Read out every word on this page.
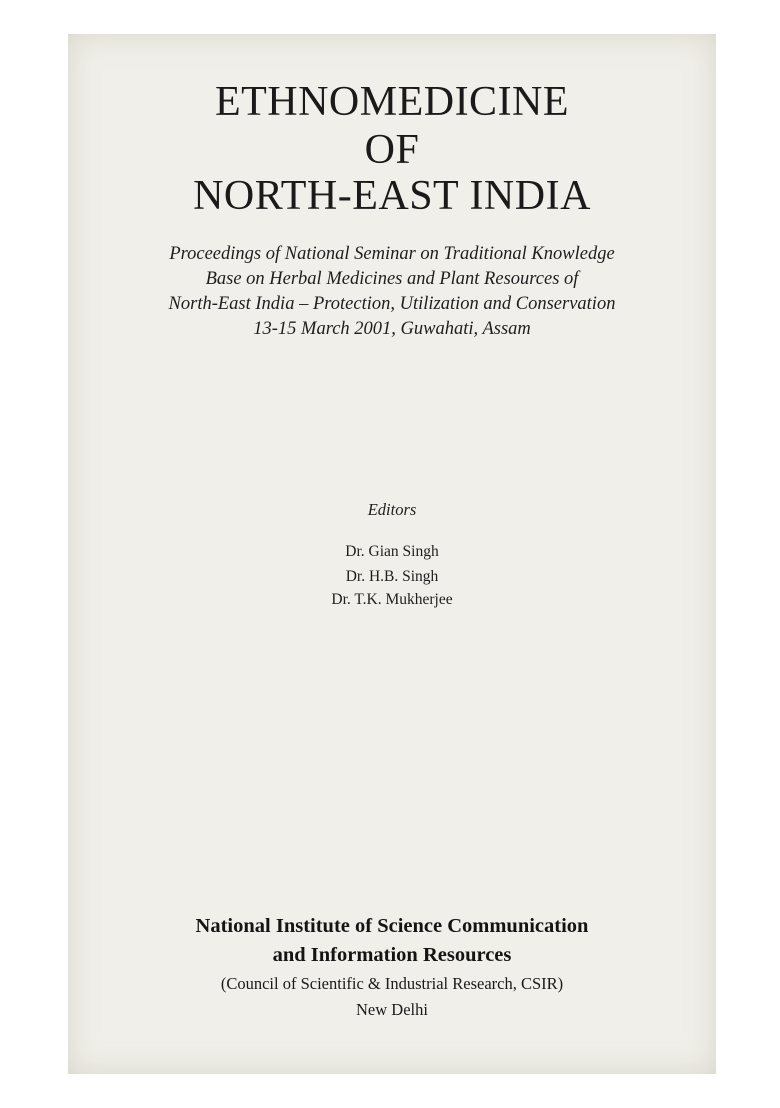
ETHNOMEDICINE
OF
NORTH-EAST INDIA
Proceedings of National Seminar on Traditional Knowledge
Base on Herbal Medicines and Plant Resources of
North-East India – Protection, Utilization and Conservation
13-15 March 2001, Guwahati, Assam
Editors
Dr. Gian Singh
Dr. H.B. Singh
Dr. T.K. Mukherjee
National Institute of Science Communication
and Information Resources
(Council of Scientific & Industrial Research, CSIR)
New Delhi
